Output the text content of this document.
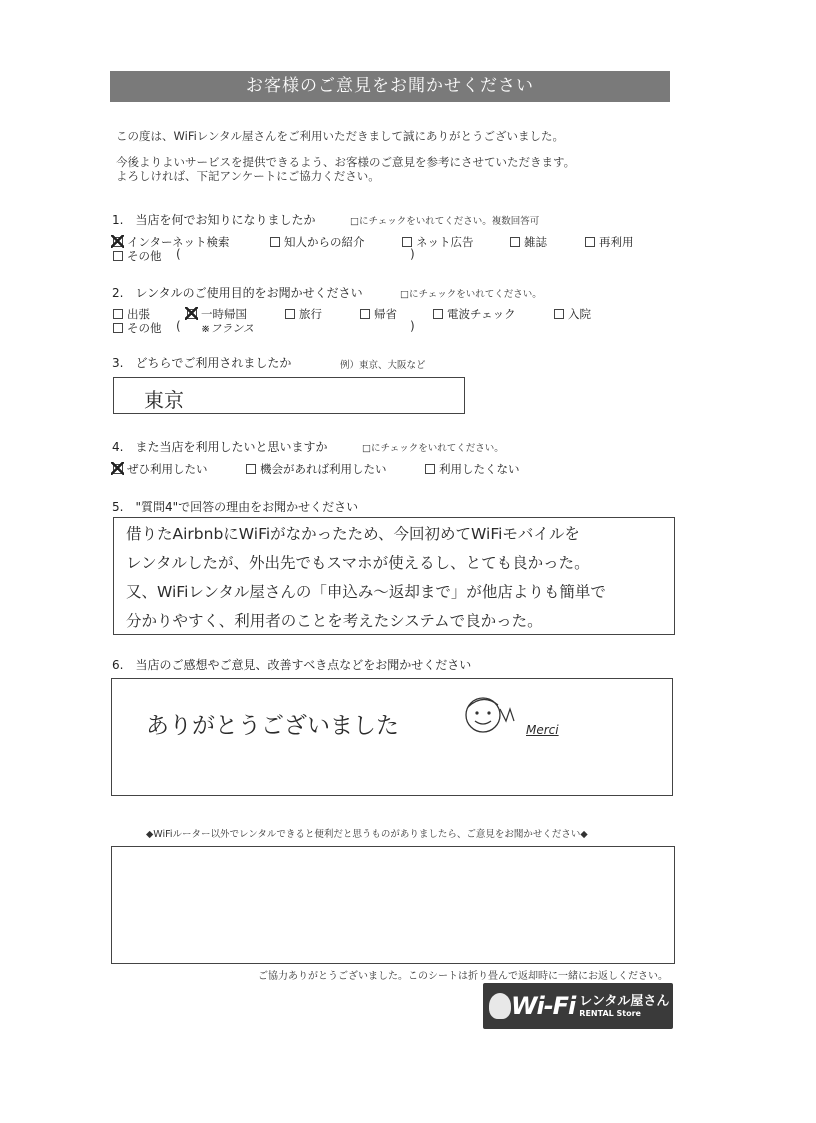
お客様のご意見をお聞かせください
この度は、WiFiレンタル屋さんをご利用いただきまして誠にありがとうございました。
今後よりよいサービスを提供できるよう、お客様のご意見を参考にさせていただきます。
よろしければ、下記アンケートにご協力ください。
1.　当店を何でお知りになりましたか	□にチェックをいれてください。複数回答可
インターネット検索	知人からの紹介	ネット広告	雑誌	再利用
その他 (	)
2.　レンタルのご使用目的をお聞かせください	□にチェックをいれてください。
出張	一時帰国	旅行	帰省	電波チェック	入院
その他 ( ※フランス	)
3.　どちらでご利用されましたか	例）東京、大阪など
東京
4.　また当店を利用したいと思いますか	□にチェックをいれてください。
ぜひ利用したい	機会があれば利用したい	利用したくない
5.　"質問4"で回答の理由をお聞かせください
借りたAirbnbにWiFiがなかったため、今回初めてWiFiモバイルを
レンタルしたが、外出先でもスマホが使えるし、とても良かった。
又、WiFiレンタル屋さんの「申込み〜返却まで」が他店よりも簡単で
分かりやすく、利用者のことを考えたシステムで良かった。
6.　当店のご感想やご意見、改善すべき点などをお聞かせください
ありがとうございました	Merci
◆WiFiルーター以外でレンタルできると便利だと思うものがありましたら、ご意見をお聞かせください◆
ご協力ありがとうございました。このシートは折り畳んで返却時に一緒にお返しください。
Wi-Fi レンタル屋さん
RENTAL Store
